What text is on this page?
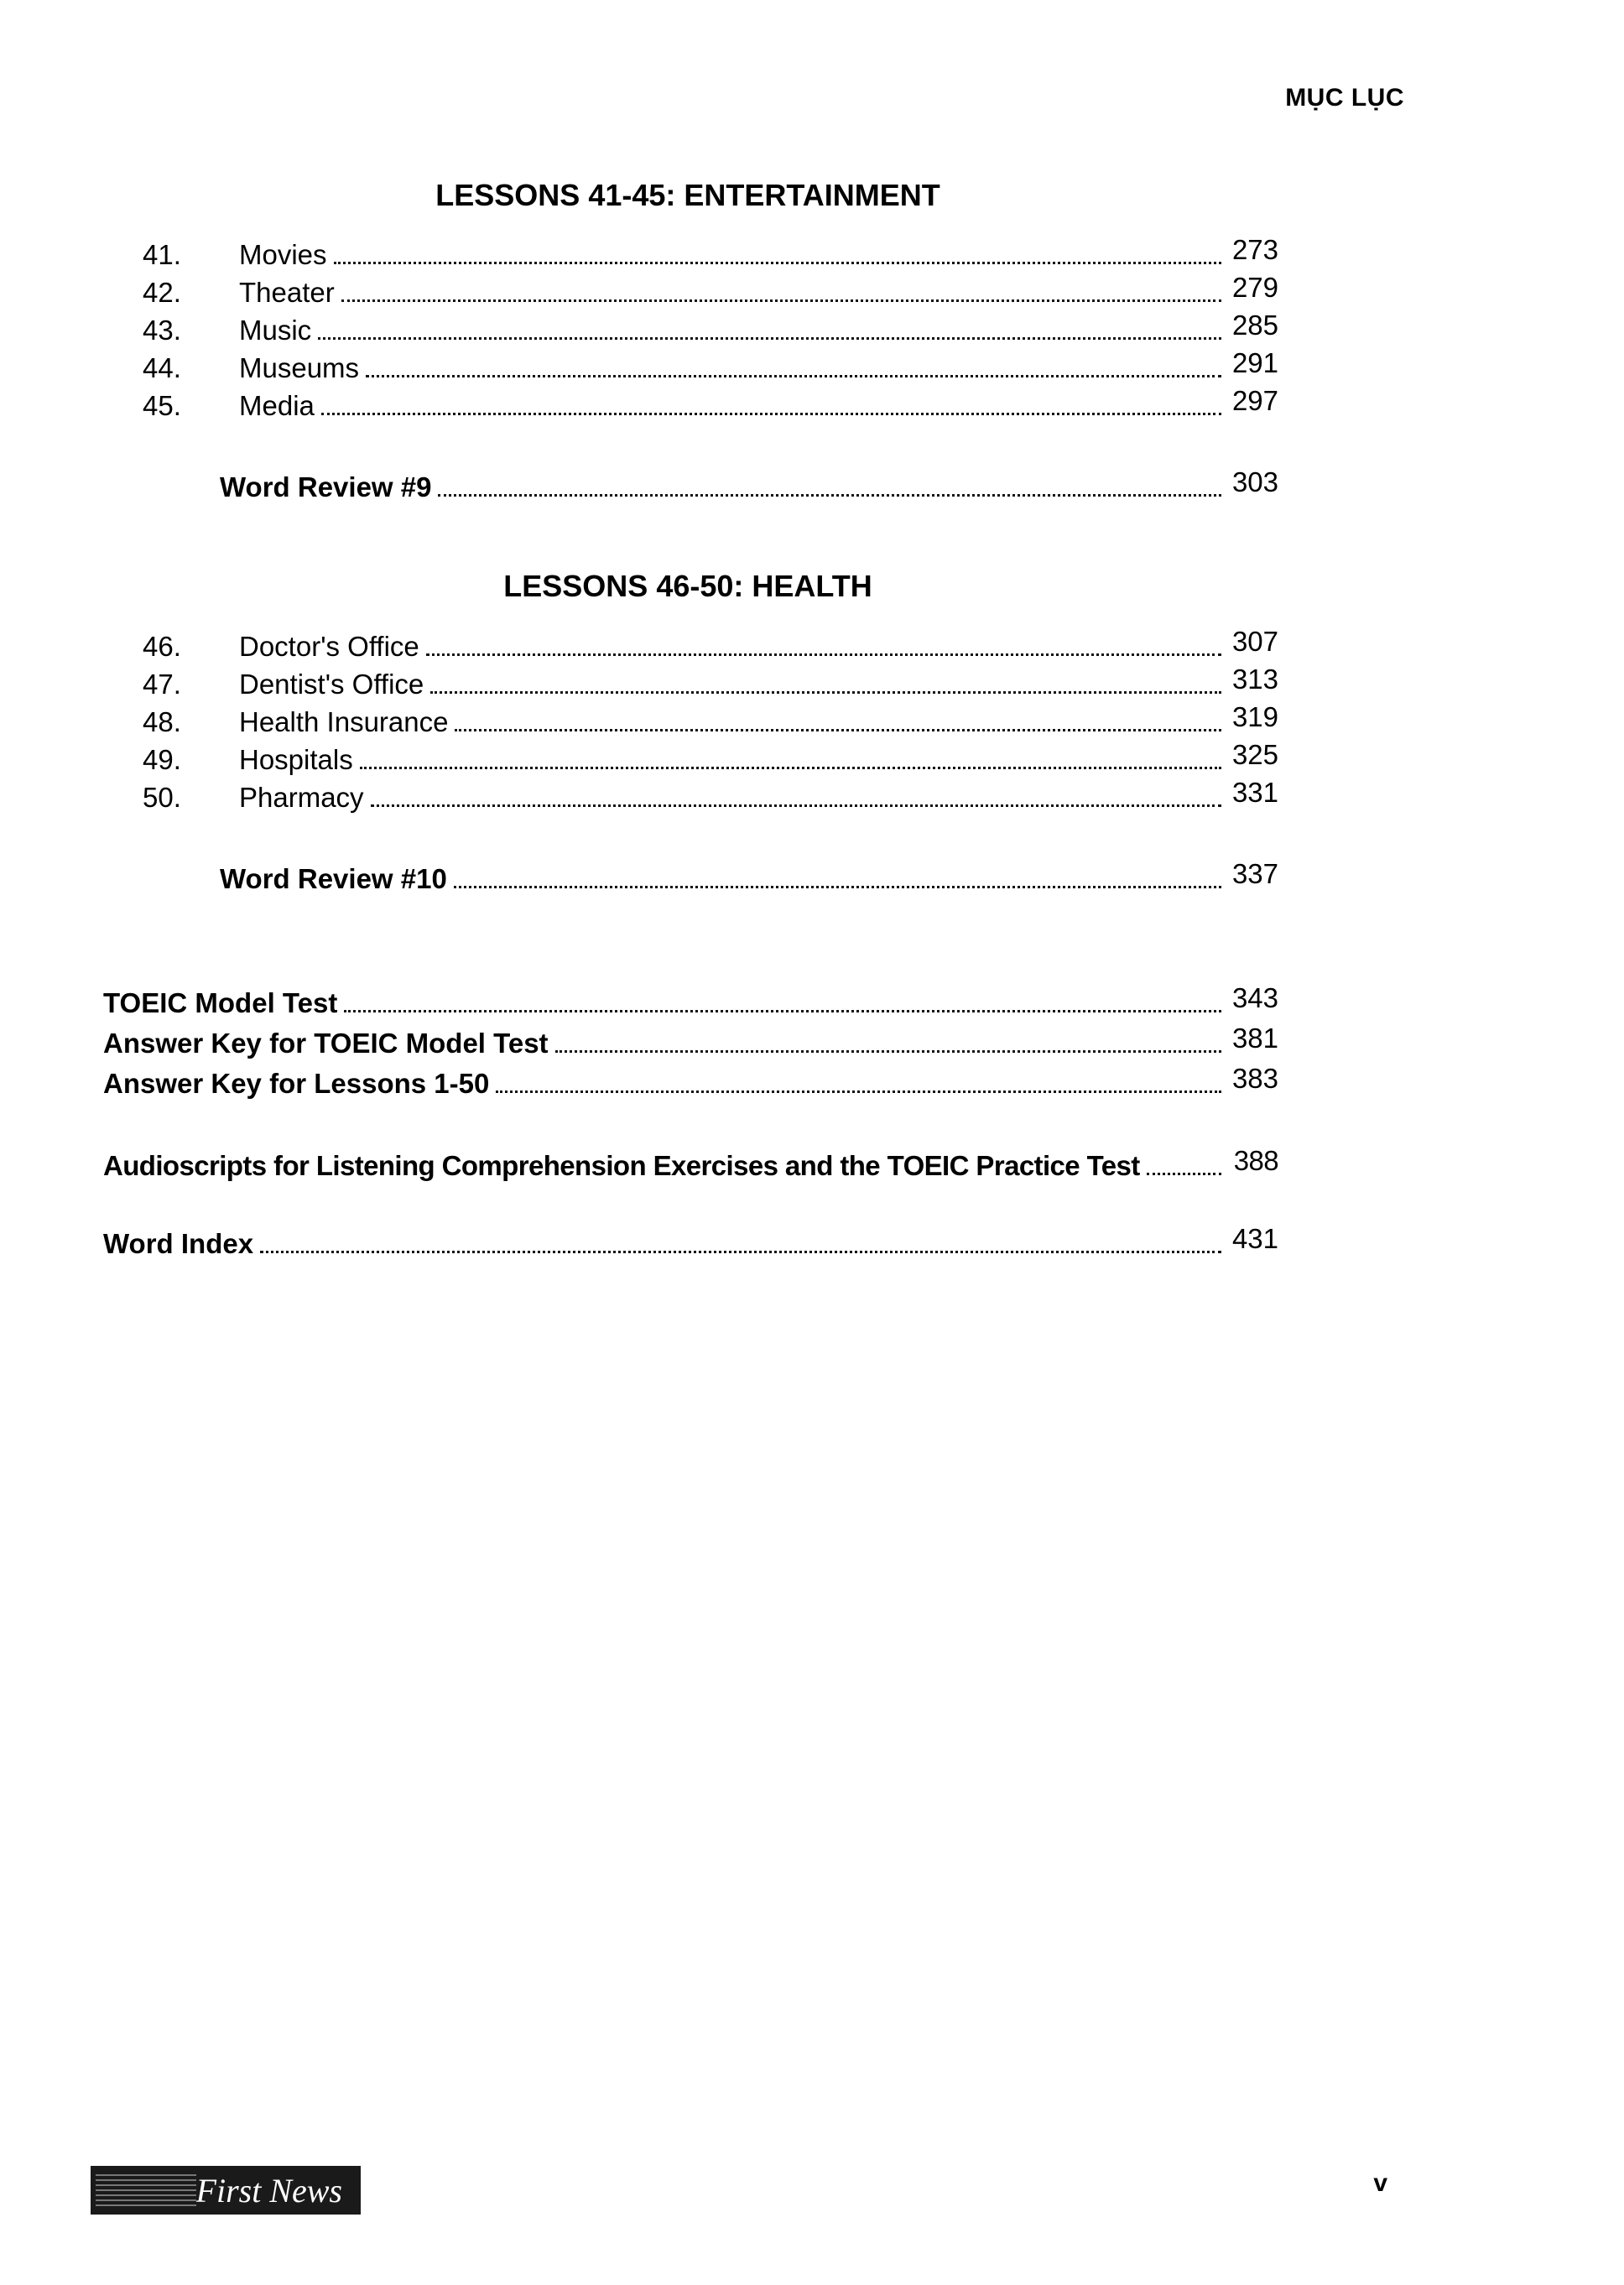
MỤC LỤC
LESSONS 41-45: ENTERTAINMENT
41.	Movies	273
42.	Theater	279
43.	Music	285
44.	Museums	291
45.	Media	297
Word Review #9	303
LESSONS 46-50: HEALTH
46.	Doctor's Office	307
47.	Dentist's Office	313
48.	Health Insurance	319
49.	Hospitals	325
50.	Pharmacy	331
Word Review #10	337
TOEIC Model Test	343
Answer Key for TOEIC Model Test	381
Answer Key for Lessons 1-50	383
Audioscripts for Listening Comprehension Exercises and the TOEIC Practice Test	388
Word Index	431
First News	v
